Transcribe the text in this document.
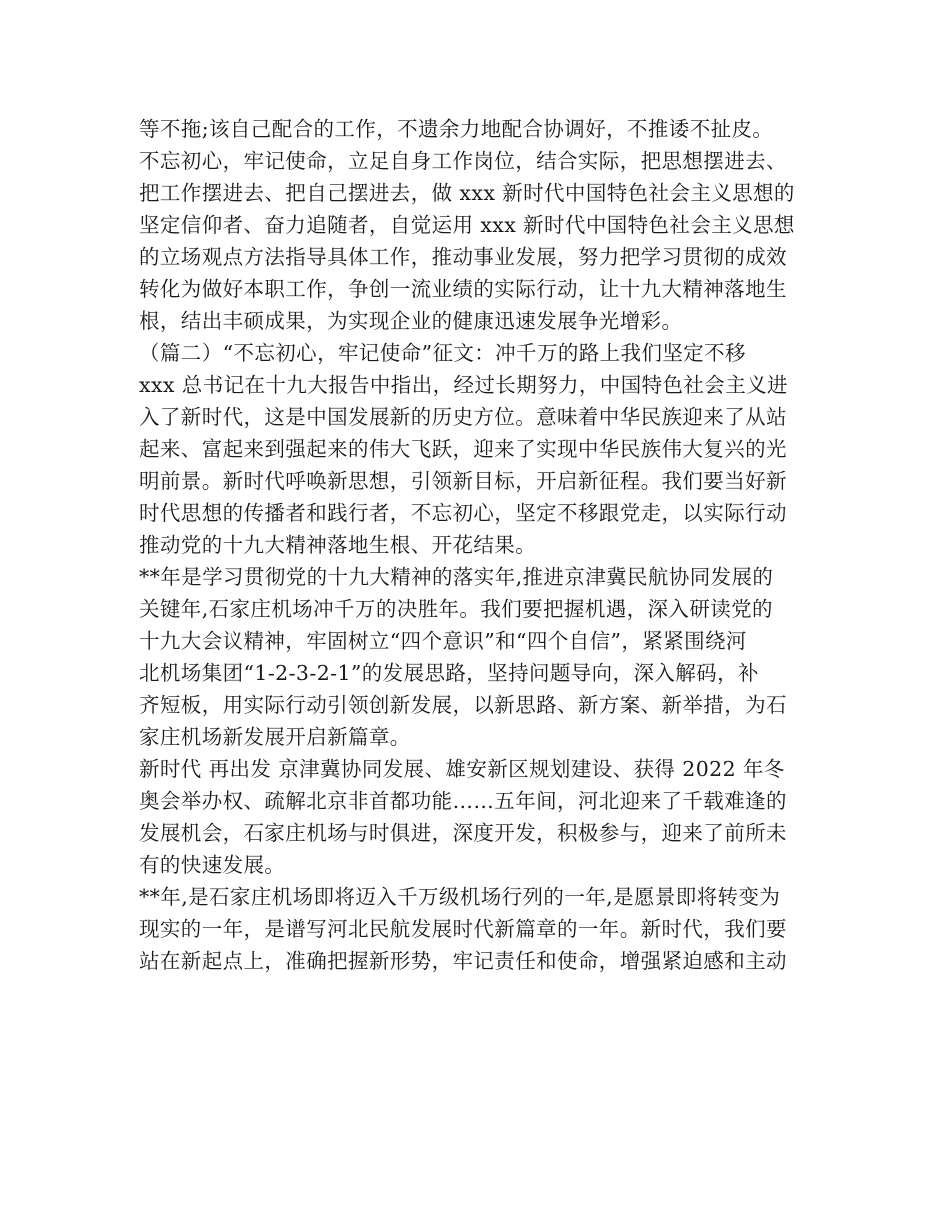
等不拖;该自己配合的工作，不遗余力地配合协调好，不推诿不扯皮。
不忘初心，牢记使命，立足自身工作岗位，结合实际，把思想摆进去、
把工作摆进去、把自己摆进去，做 xxx 新时代中国特色社会主义思想的
坚定信仰者、奋力追随者，自觉运用 xxx 新时代中国特色社会主义思想
的立场观点方法指导具体工作，推动事业发展，努力把学习贯彻的成效
转化为做好本职工作，争创一流业绩的实际行动，让十九大精神落地生
根，结出丰硕成果，为实现企业的健康迅速发展争光增彩。
（篇二）“不忘初心，牢记使命”征文：冲千万的路上我们坚定不移
xxx 总书记在十九大报告中指出，经过长期努力，中国特色社会主义进
入了新时代，这是中国发展新的历史方位。意味着中华民族迎来了从站
起来、富起来到强起来的伟大飞跃，迎来了实现中华民族伟大复兴的光
明前景。新时代呼唤新思想，引领新目标，开启新征程。我们要当好新
时代思想的传播者和践行者，不忘初心，坚定不移跟党走，以实际行动
推动党的十九大精神落地生根、开花结果。
**年是学习贯彻党的十九大精神的落实年,推进京津冀民航协同发展的
关键年,石家庄机场冲千万的决胜年。我们要把握机遇，深入研读党的
十九大会议精神，牢固树立“四个意识”和“四个自信”，紧紧围绕河
北机场集团“1-2-3-2-1”的发展思路，坚持问题导向，深入解码，补
齐短板，用实际行动引领创新发展，以新思路、新方案、新举措，为石
家庄机场新发展开启新篇章。
新时代 再出发 京津冀协同发展、雄安新区规划建设、获得 2022 年冬
奥会举办权、疏解北京非首都功能……五年间，河北迎来了千载难逢的
发展机会，石家庄机场与时俱进，深度开发，积极参与，迎来了前所未
有的快速发展。
**年,是石家庄机场即将迈入千万级机场行列的一年,是愿景即将转变为
现实的一年，是谱写河北民航发展时代新篇章的一年。新时代，我们要
站在新起点上，准确把握新形势，牢记责任和使命，增强紧迫感和主动
